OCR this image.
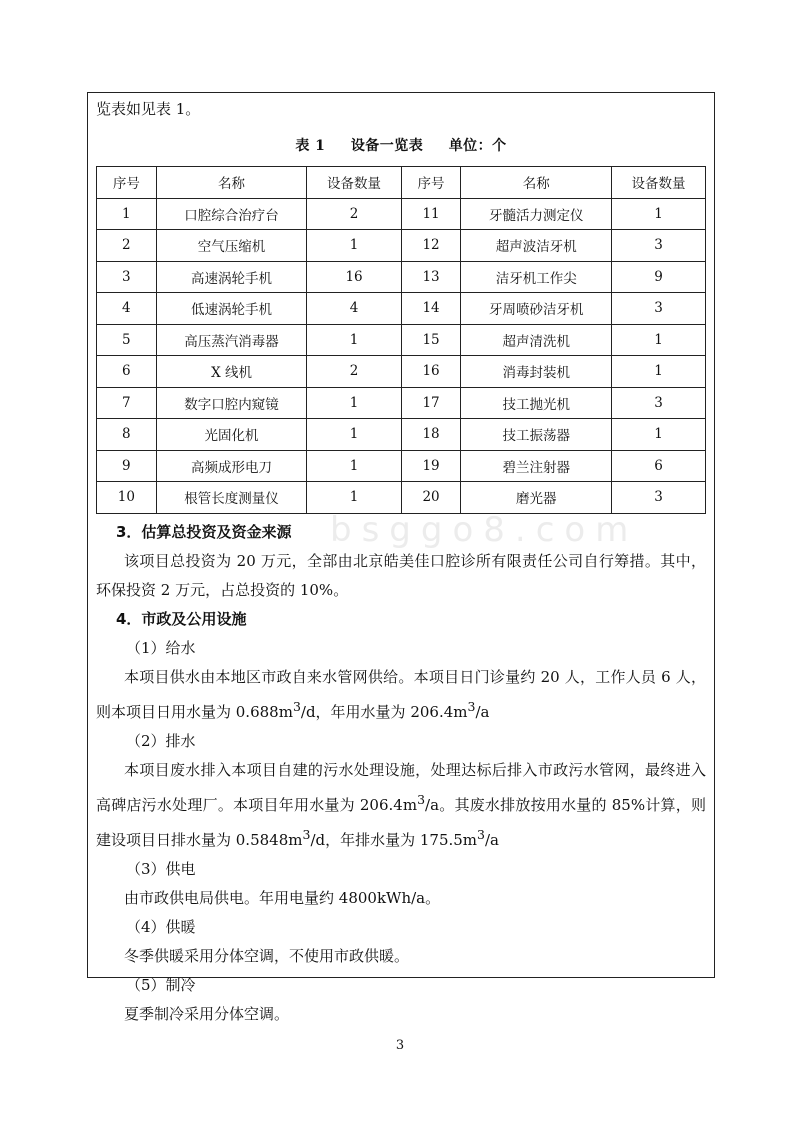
bsggo8.com
览表如见表 1。
表 1 设备一览表 单位：个
序号	名称	设备数量	序号	名称	设备数量
1	口腔综合治疗台	2	11	牙髓活力测定仪	1
2	空气压缩机	1	12	超声波洁牙机	3
3	高速涡轮手机	16	13	洁牙机工作尖	9
4	低速涡轮手机	4	14	牙周喷砂洁牙机	3
5	高压蒸汽消毒器	1	15	超声清洗机	1
6	X 线机	2	16	消毒封装机	1
7	数字口腔内窥镜	1	17	技工抛光机	3
8	光固化机	1	18	技工振荡器	1
9	高频成形电刀	1	19	碧兰注射器	6
10	根管长度测量仪	1	20	磨光器	3

3．估算总投资及资金来源

该项目总投资为 20 万元，全部由北京皓美佳口腔诊所有限责任公司自行筹措。其中，环保投资 2 万元，占总投资的 10%。

4．市政及公用设施

（1）给水

本项目供水由本地区市政自来水管网供给。本项目日门诊量约 20 人，工作人员 6 人，则本项目日用水量为 $0.688m^3/d$，年用水量为 $206.4m^3/a$

（2）排水

本项目废水排入本项目自建的污水处理设施，处理达标后排入市政污水管网，最终进入高碑店污水处理厂。本项目年用水量为 $206.4m^3/a$。其废水排放按用水量的 85%计算，则建设项目日排水量为 $0.5848m^3/d$，年排水量为 $175.5m^3/a$

（3）供电

由市政供电局供电。年用电量约 4800kWh/a。

（4）供暖

冬季供暖采用分体空调，不使用市政供暖。

（5）制冷

夏季制冷采用分体空调。

3
